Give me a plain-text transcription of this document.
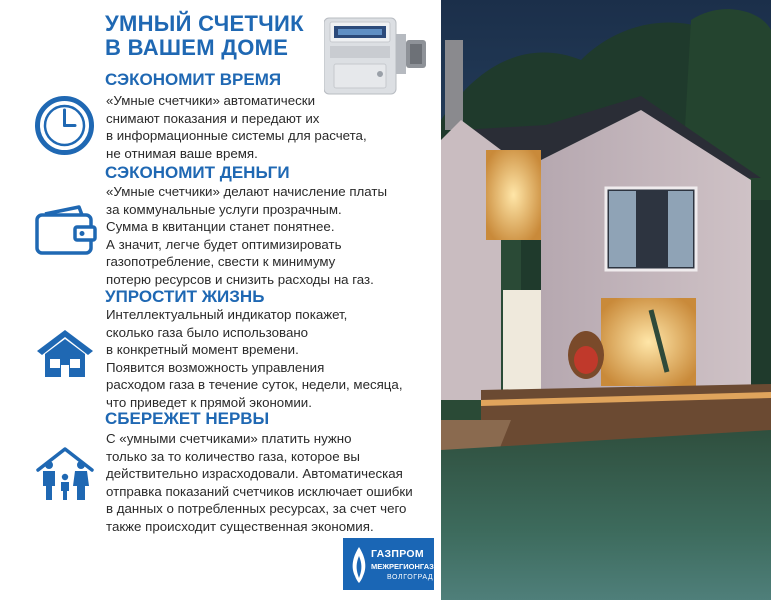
УМНЫЙ СЧЕТЧИК
В ВАШЕМ ДОМЕ
СЭКОНОМИТ ВРЕМЯ
«Умные счетчики» автоматически
снимают показания и передают их
в информационные системы для расчета,
не отнимая ваше время.
СЭКОНОМИТ ДЕНЬГИ
«Умные счетчики» делают начисление платы
за коммунальные услуги прозрачным.
Сумма в квитанции станет понятнее.
А значит, легче будет оптимизировать
газопотребление, свести к минимуму
потерю ресурсов и снизить расходы на газ.
УПРОСТИТ ЖИЗНЬ
Интеллектуальный индикатор покажет,
сколько газа было использовано
в конкретный момент времени.
Появится возможность управления
расходом газа в течение суток, недели, месяца,
что приведет к прямой экономии.
СБЕРЕЖЕТ НЕРВЫ
С «умными счетчиками» платить нужно
только за то количество газа, которое вы
действительно израсходовали. Автоматическая
отправка показаний счетчиков исключает ошибки
в данных о потребленных ресурсах, за счет чего
также происходит существенная экономия.
ГАЗПРОМ
МЕЖРЕГИОНГАЗ
ВОЛГОГРАД
